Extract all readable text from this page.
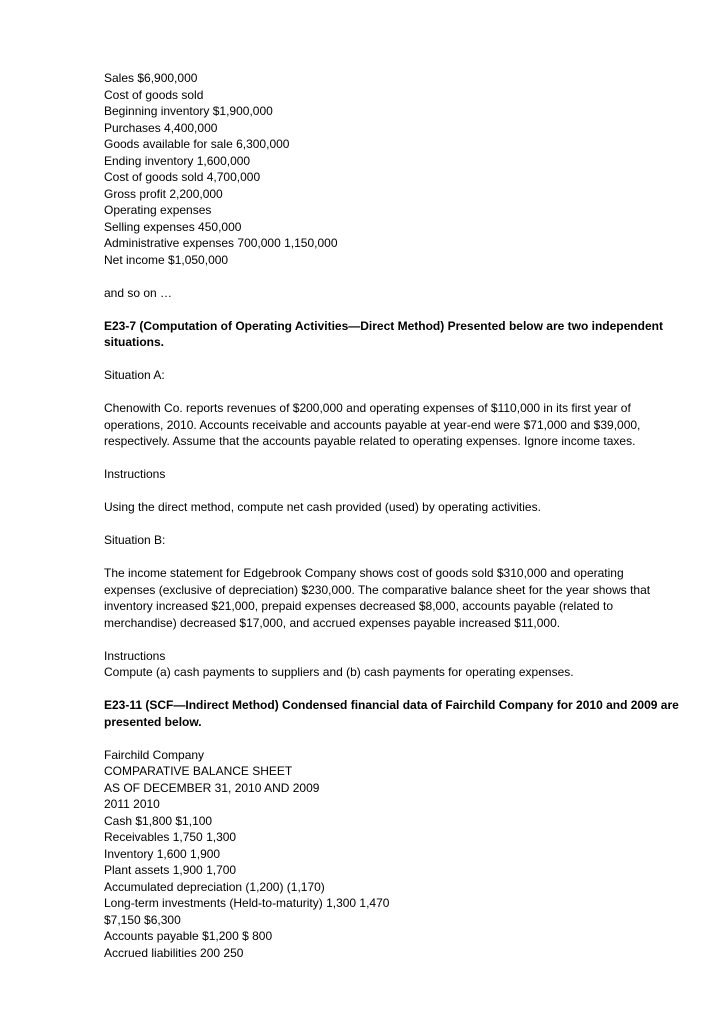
Sales $6,900,000
Cost of goods sold
Beginning inventory $1,900,000
Purchases 4,400,000
Goods available for sale 6,300,000
Ending inventory 1,600,000
Cost of goods sold 4,700,000
Gross profit 2,200,000
Operating expenses
Selling expenses 450,000
Administrative expenses 700,000 1,150,000
Net income $1,050,000
and so on …
E23-7 (Computation of Operating Activities—Direct Method) Presented below are two independent
situations.
Situation A:
Chenowith Co. reports revenues of $200,000 and operating expenses of $110,000 in its first year of
operations, 2010. Accounts receivable and accounts payable at year-end were $71,000 and $39,000,
respectively. Assume that the accounts payable related to operating expenses. Ignore income taxes.
Instructions
Using the direct method, compute net cash provided (used) by operating activities.
Situation B:
The income statement for Edgebrook Company shows cost of goods sold $310,000 and operating
expenses (exclusive of depreciation) $230,000. The comparative balance sheet for the year shows that
inventory increased $21,000, prepaid expenses decreased $8,000, accounts payable (related to
merchandise) decreased $17,000, and accrued expenses payable increased $11,000.
Instructions
Compute (a) cash payments to suppliers and (b) cash payments for operating expenses.
E23-11 (SCF—Indirect Method) Condensed financial data of Fairchild Company for 2010 and 2009 are
presented below.
Fairchild Company
COMPARATIVE BALANCE SHEET
AS OF DECEMBER 31, 2010 AND 2009
2011 2010
Cash $1,800 $1,100
Receivables 1,750 1,300
Inventory 1,600 1,900
Plant assets 1,900 1,700
Accumulated depreciation (1,200) (1,170)
Long-term investments (Held-to-maturity) 1,300 1,470
$7,150 $6,300
Accounts payable $1,200 $ 800
Accrued liabilities 200 250
